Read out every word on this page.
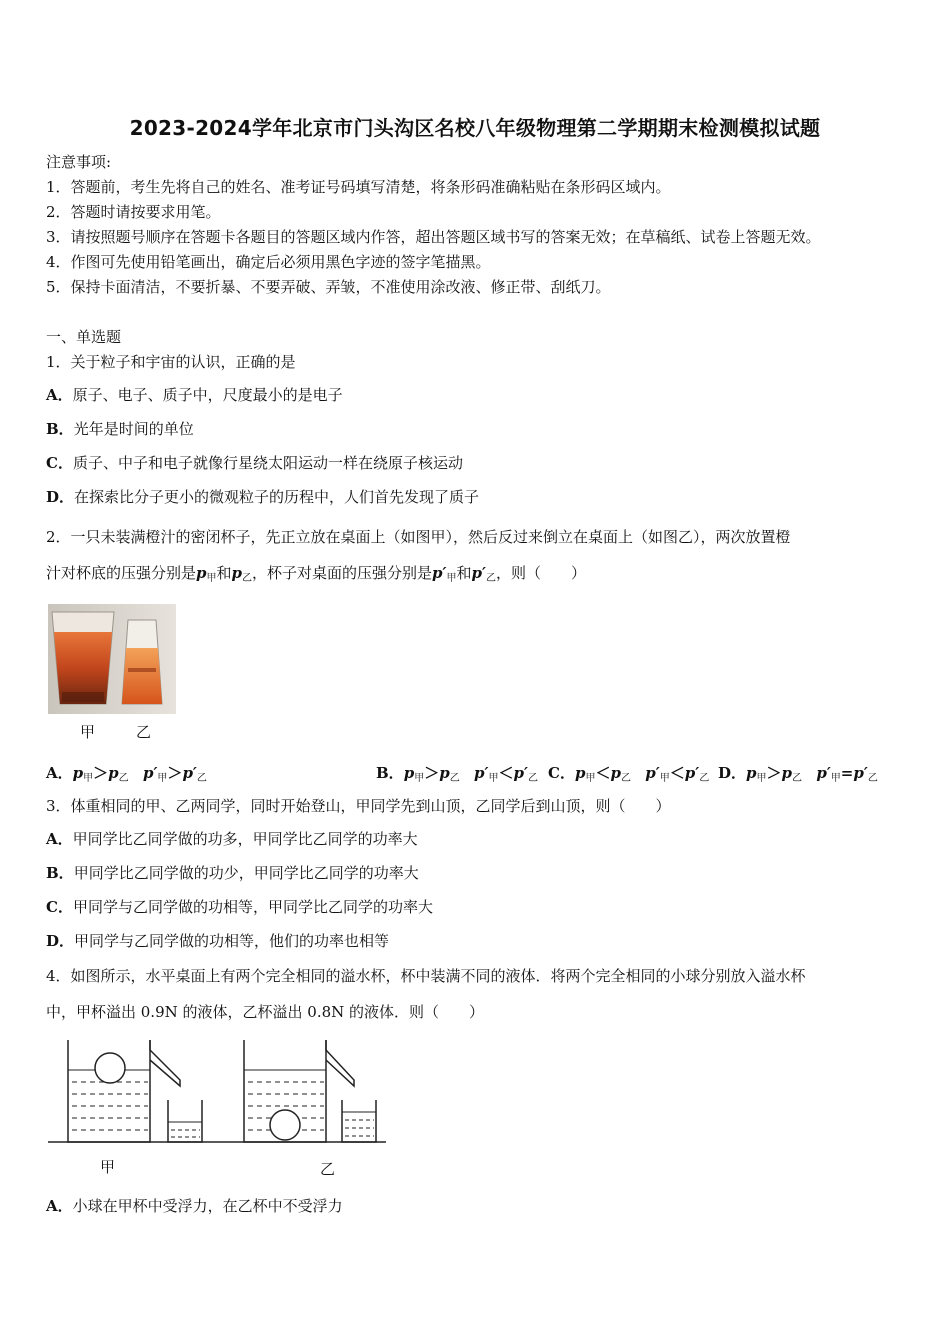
2023-2024学年北京市门头沟区名校八年级物理第二学期期末检测模拟试题
注意事项:
1．答题前，考生先将自己的姓名、准考证号码填写清楚，将条形码准确粘贴在条形码区域内。
2．答题时请按要求用笔。
3．请按照题号顺序在答题卡各题目的答题区域内作答，超出答题区域书写的答案无效；在草稿纸、试卷上答题无效。
4．作图可先使用铅笔画出，确定后必须用黑色字迹的签字笔描黑。
5．保持卡面清洁，不要折暴、不要弄破、弄皱，不准使用涂改液、修正带、刮纸刀。
一、单选题
1．关于粒子和宇宙的认识，正确的是
A．原子、电子、质子中，尺度最小的是电子
B．光年是时间的单位
C．质子、中子和电子就像行星绕太阳运动一样在绕原子核运动
D．在探索比分子更小的微观粒子的历程中，人们首先发现了质子
2．一只未装满橙汁的密闭杯子，先正立放在桌面上（如图甲），然后反过来倒立在桌面上（如图乙），两次放置橙
汁对杯底的压强分别是$p_甲$和$p_乙$，杯子对桌面的压强分别是$p'_甲$和$p'_乙$，则（　　）
甲	乙
A．$p_甲>p_乙$ $p'_甲>p'_乙$	B．$p_甲>p_乙$ $p'_甲<p'_乙$ C．$p_甲<p_乙$ $p'_甲<p'_乙$ D．$p_甲>p_乙$ $p'_甲=p'_乙$
3．体重相同的甲、乙两同学，同时开始登山，甲同学先到山顶，乙同学后到山顶，则（　　）
A．甲同学比乙同学做的功多，甲同学比乙同学的功率大
B．甲同学比乙同学做的功少，甲同学比乙同学的功率大
C．甲同学与乙同学做的功相等，甲同学比乙同学的功率大
D．甲同学与乙同学做的功相等，他们的功率也相等
4．如图所示，水平桌面上有两个完全相同的溢水杯，杯中装满不同的液体．将两个完全相同的小球分别放入溢水杯
中，甲杯溢出 0.9N 的液体，乙杯溢出 0.8N 的液体．则（　　）
甲	乙
A．小球在甲杯中受浮力，在乙杯中不受浮力
